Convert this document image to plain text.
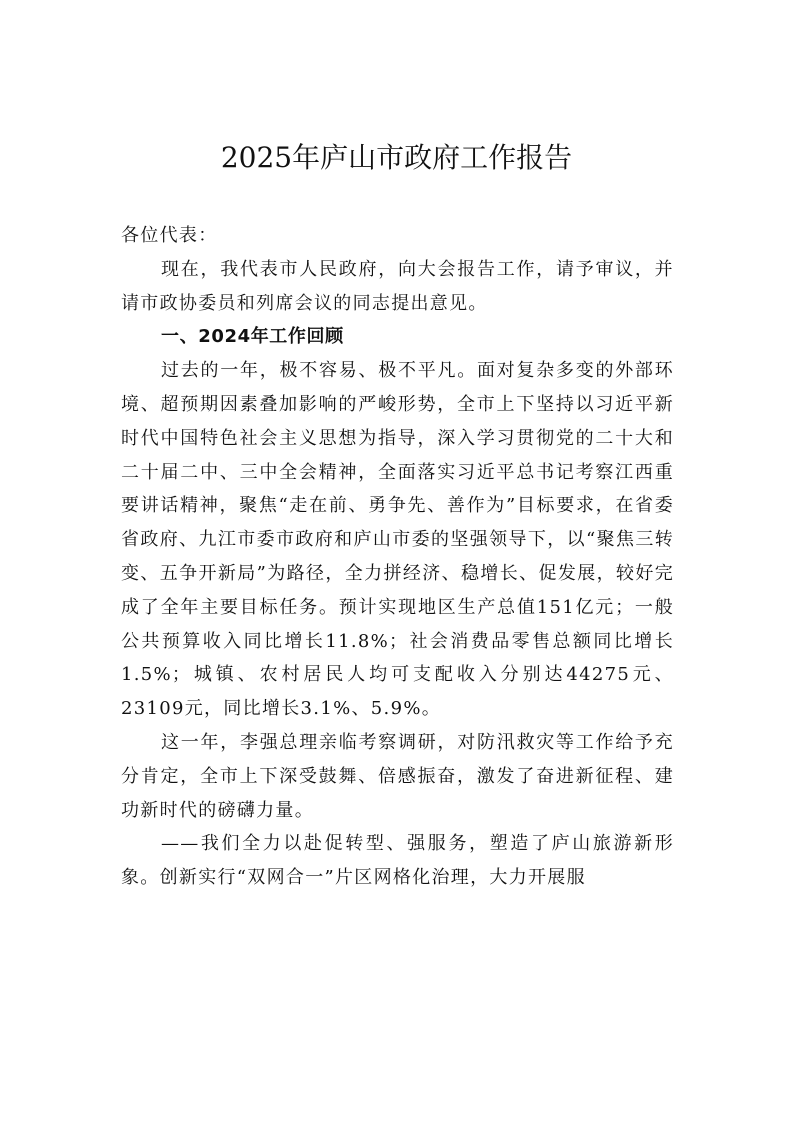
2025年庐山市政府工作报告

各位代表：

现在，我代表市人民政府，向大会报告工作，请予审议，并请市政协委员和列席会议的同志提出意见。

一、2024年工作回顾

过去的一年，极不容易、极不平凡。面对复杂多变的外部环境、超预期因素叠加影响的严峻形势，全市上下坚持以习近平新时代中国特色社会主义思想为指导，深入学习贯彻党的二十大和二十届二中、三中全会精神，全面落实习近平总书记考察江西重要讲话精神，聚焦“走在前、勇争先、善作为”目标要求，在省委省政府、九江市委市政府和庐山市委的坚强领导下，以“聚焦三转变、五争开新局”为路径，全力拼经济、稳增长、促发展，较好完成了全年主要目标任务。预计实现地区生产总值151亿元；一般公共预算收入同比增长11.8%；社会消费品零售总额同比增长1.5%；城镇、农村居民人均可支配收入分别达44275元、23109元，同比增长3.1%、5.9%。

这一年，李强总理亲临考察调研，对防汛救灾等工作给予充分肯定，全市上下深受鼓舞、倍感振奋，激发了奋进新征程、建功新时代的磅礴力量。

——我们全力以赴促转型、强服务，塑造了庐山旅游新形象。创新实行“双网合一”片区网格化治理，大力开展服
